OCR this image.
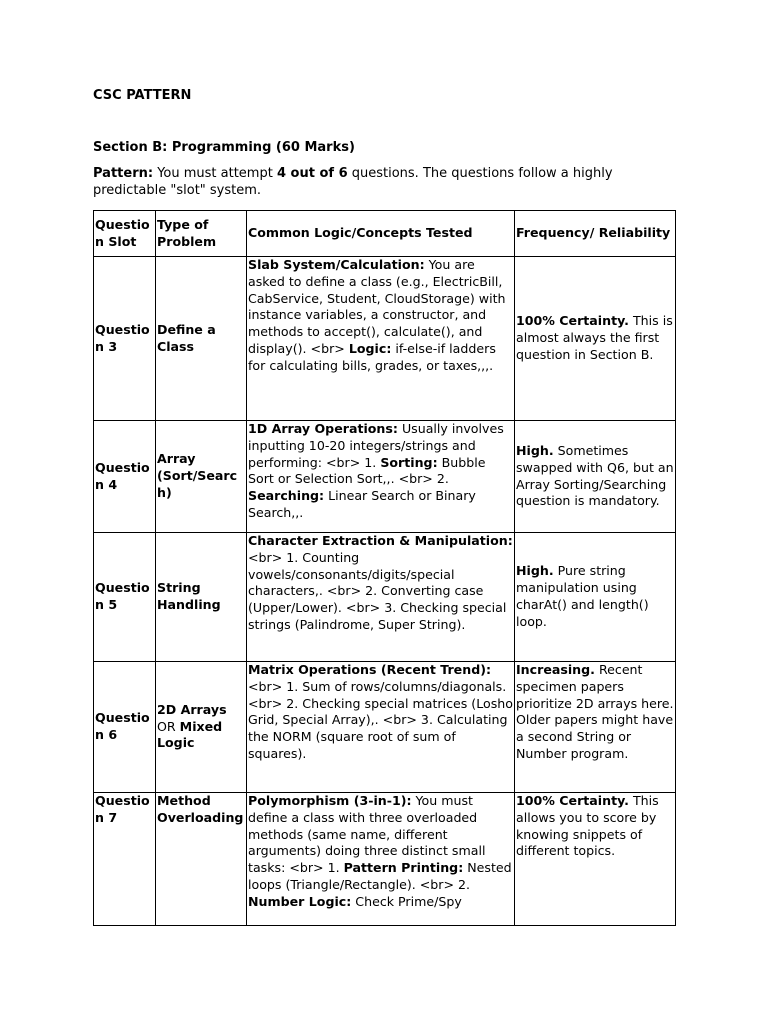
CSC PATTERN
Section B: Programming (60 Marks)
Pattern: You must attempt 4 out of 6 questions. The questions follow a highly predictable "slot" system.
Question Slot	Type of Problem	Common Logic/Concepts Tested	Frequency/ Reliability
Question 3	Define a Class	Slab System/Calculation: You are asked to define a class (e.g., ElectricBill, CabService, Student, CloudStorage) with instance variables, a constructor, and methods to accept(), calculate(), and display(). <br> Logic: if-else-if ladders for calculating bills, grades, or taxes,,,.	100% Certainty. This is almost always the first question in Section B.
Question 4	Array (Sort/Search)	1D Array Operations: Usually involves inputting 10-20 integers/strings and performing: <br> 1. Sorting: Bubble Sort or Selection Sort,,. <br> 2. Searching: Linear Search or Binary Search,,.	High. Sometimes swapped with Q6, but an Array Sorting/Searching question is mandatory.
Question 5	String Handling	Character Extraction & Manipulation: <br> 1. Counting vowels/consonants/digits/special characters,. <br> 2. Converting case (Upper/Lower). <br> 3. Checking special strings (Palindrome, Super String).	High. Pure string manipulation using charAt() and length() loop.
Question 6	2D Arrays OR Mixed Logic	Matrix Operations (Recent Trend): <br> 1. Sum of rows/columns/diagonals. <br> 2. Checking special matrices (Losho Grid, Special Array),. <br> 3. Calculating the NORM (square root of sum of squares).	Increasing. Recent specimen papers prioritize 2D arrays here. Older papers might have a second String or Number program.
Question 7	Method Overloading	Polymorphism (3-in-1): You must define a class with three overloaded methods (same name, different arguments) doing three distinct small tasks: <br> 1. Pattern Printing: Nested loops (Triangle/Rectangle). <br> 2. Number Logic: Check Prime/Spy	100% Certainty. This allows you to score by knowing snippets of different topics.
